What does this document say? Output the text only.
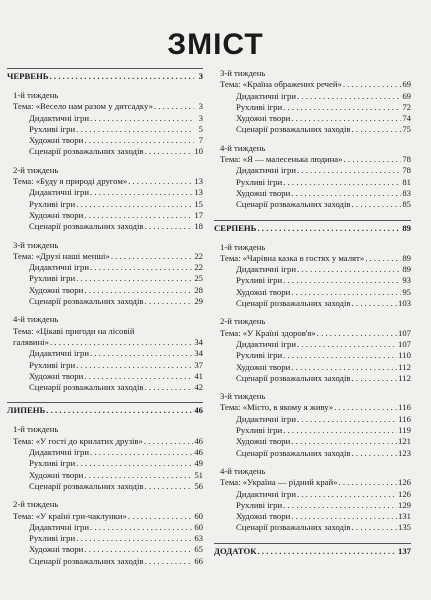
ЗМІСТ
ЧЕРВЕНЬ . . .	3
1-й тиждень
Тема: «Весело нам разом у дитсадку» . . .	3
Дидактичні ігри . . .	3
Рухливі ігри . . .	5
Художні твори . . .	7
Сценарії розважальних заходів . . .	10
2-й тиждень
Тема: «Буду я природі другом» . . .	13
Дидактичні ігри . . .	13
Рухливі ігри . . .	15
Художні твори . . .	17
Сценарії розважальних заходів . . .	18
3-й тиждень
Тема: «Друзі наші менші» . . .	22
Дидактичні ігри . . .	22
Рухливі ігри . . .	25
Художні твори . . .	28
Сценарії розважальних заходів . . .	29
4-й тиждень
Тема: «Цікаві пригоди на лісовій
галявині» . . .	34
Дидактичні ігри . . .	34
Рухливі ігри . . .	37
Художні твори . . .	41
Сценарії розважальних заходів . . .	42
ЛИПЕНЬ . . .	46
1-й тиждень
Тема: «У гості до крилатих друзів» . . .	46
Дидактичні ігри . . .	46
Рухливі ігри . . .	49
Художні твори . . .	51
Сценарії розважальних заходів . . .	56
2-й тиждень
Тема: «У країні гри-чаклунки» . . .	60
Дидактичні ігри . . .	60
Рухливі ігри . . .	63
Художні твори . . .	65
Сценарії розважальних заходів . . .	66
3-й тиждень
Тема: «Країна ображених речей» . . .	69
Дидактичні ігри . . .	69
Рухливі ігри . . .	72
Художні твори . . .	74
Сценарії розважальних заходів . . .	75
4-й тиждень
Тема: «Я — малесенька людина» . . .	78
Дидактичні ігри . . .	78
Рухливі ігри . . .	81
Художні твори . . .	83
Сценарії розважальних заходів . . .	85
СЕРПЕНЬ . . .	89
1-й тиждень
Тема: «Чарівна казка в гостях у малят» . . .	89
Дидактичні ігри . . .	89
Рухливі ігри . . .	93
Художні твори . . .	95
Сценарії розважальних заходів . . .	103
2-й тиждень
Тема: «У Країні здоров'я» . . .	107
Дидактичні ігри . . .	107
Рухливі ігри . . .	110
Художні твори . . .	112
Сценарії розважальних заходів . . .	112
3-й тиждень
Тема: «Місто, в якому я живу» . . .	116
Дидактичні ігри . . .	116
Рухливі ігри . . .	119
Художні твори . . .	121
Сценарії розважальних заходів . . .	123
4-й тиждень
Тема: «Україна — рідний край» . . .	126
Дидактичні ігри . . .	126
Рухливі ігри . . .	129
Художні твори . . .	131
Сценарії розважальних заходів . . .	135
ДОДАТОК . . .	137
